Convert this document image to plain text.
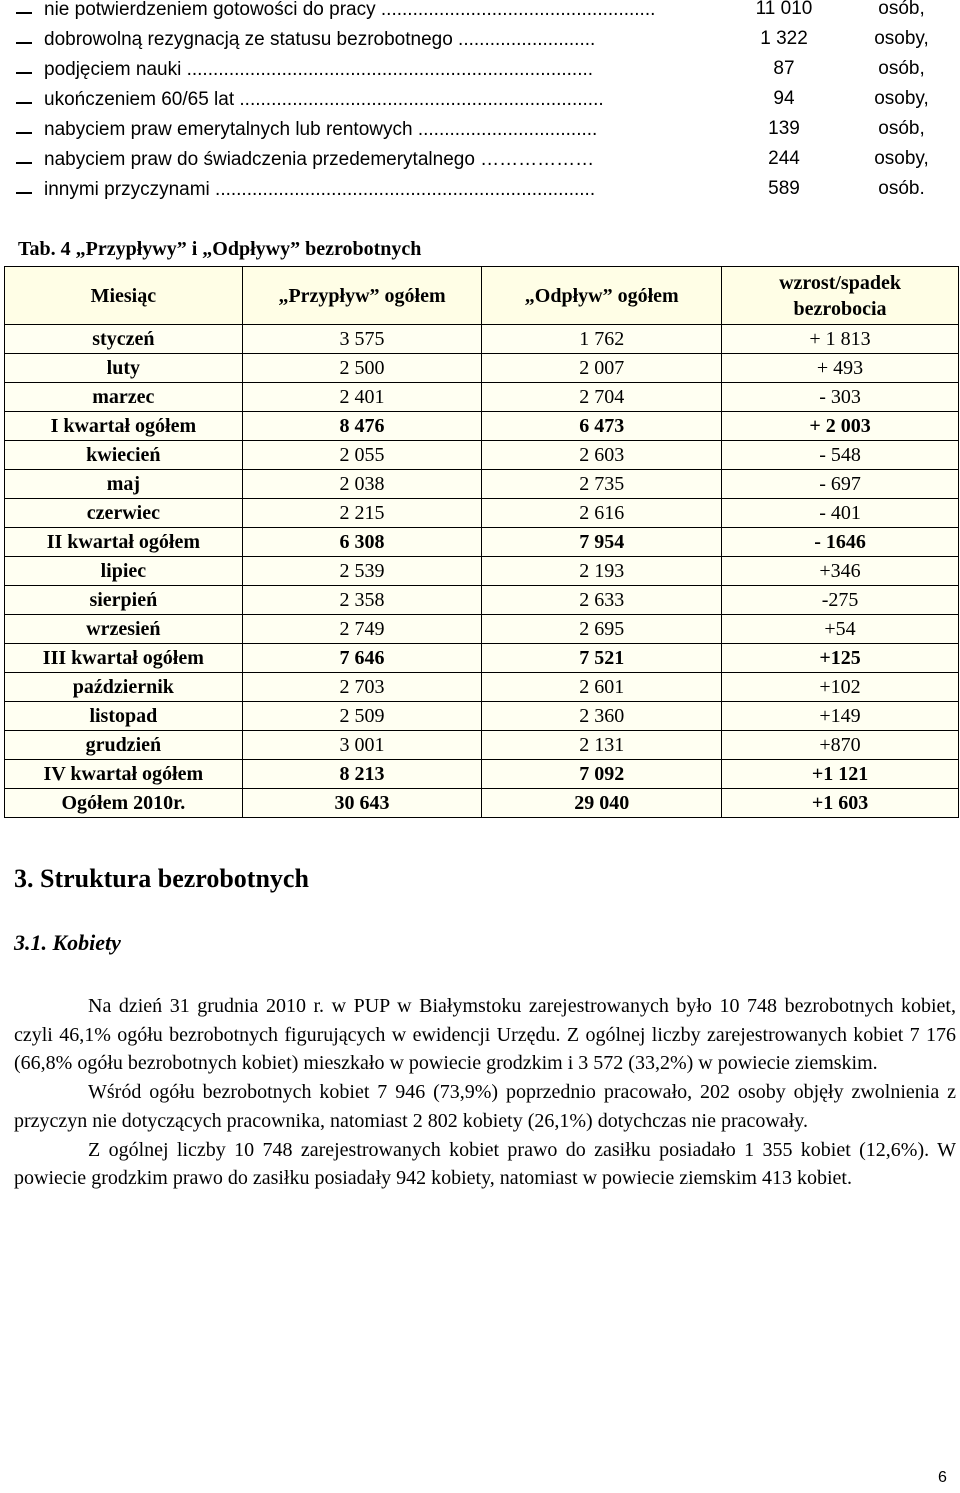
nie potwierdzeniem gotowości do pracy ....................................................	11 010	osób,
dobrowolną rezygnacją ze statusu bezrobotnego ..........................	1 322	osoby,
podjęciem nauki .............................................................................	87	osób,
ukończeniem 60/65 lat .....................................................................	94	osoby,
nabyciem praw emerytalnych lub rentowych ..................................	139	osób,
nabyciem praw do świadczenia przedemerytalnego ………………	244	osoby,
innymi przyczynami ........................................................................	589	osób.
Tab. 4 „Przypływy” i „Odpływy” bezrobotnych
Miesiąc	„Przypływ” ogółem	„Odpływ” ogółem	wzrost/spadek bezrobocia
styczeń	3 575	1 762	+ 1 813
luty	2 500	2 007	+ 493
marzec	2 401	2 704	- 303
I kwartał ogółem	8 476	6 473	+ 2 003
kwiecień	2 055	2 603	- 548
maj	2 038	2 735	- 697
czerwiec	2 215	2 616	- 401
II kwartał ogółem	6 308	7 954	- 1646
lipiec	2 539	2 193	+346
sierpień	2 358	2 633	-275
wrzesień	2 749	2 695	+54
III kwartał ogółem	7 646	7 521	+125
październik	2 703	2 601	+102
listopad	2 509	2 360	+149
grudzień	3 001	2 131	+870
IV kwartał ogółem	8 213	7 092	+1 121
Ogółem 2010r.	30 643	29 040	+1 603
3. Struktura bezrobotnych
3.1. Kobiety

Na dzień 31 grudnia 2010 r. w PUP w Białymstoku zarejestrowanych było 10 748 bezrobotnych kobiet, czyli 46,1% ogółu bezrobotnych figurujących w ewidencji Urzędu. Z ogólnej liczby zarejestrowanych kobiet 7 176 (66,8% ogółu bezrobotnych kobiet) mieszkało w powiecie grodzkim i 3 572 (33,2%) w powiecie ziemskim.

Wśród ogółu bezrobotnych kobiet 7 946 (73,9%) poprzednio pracowało, 202 osoby objęły zwolnienia z przyczyn nie dotyczących pracownika, natomiast 2 802 kobiety (26,1%) dotychczas nie pracowały.

Z ogólnej liczby 10 748 zarejestrowanych kobiet prawo do zasiłku posiadało 1 355 kobiet (12,6%). W powiecie grodzkim prawo do zasiłku posiadały 942 kobiety, natomiast w powiecie ziemskim 413 kobiet.

6
